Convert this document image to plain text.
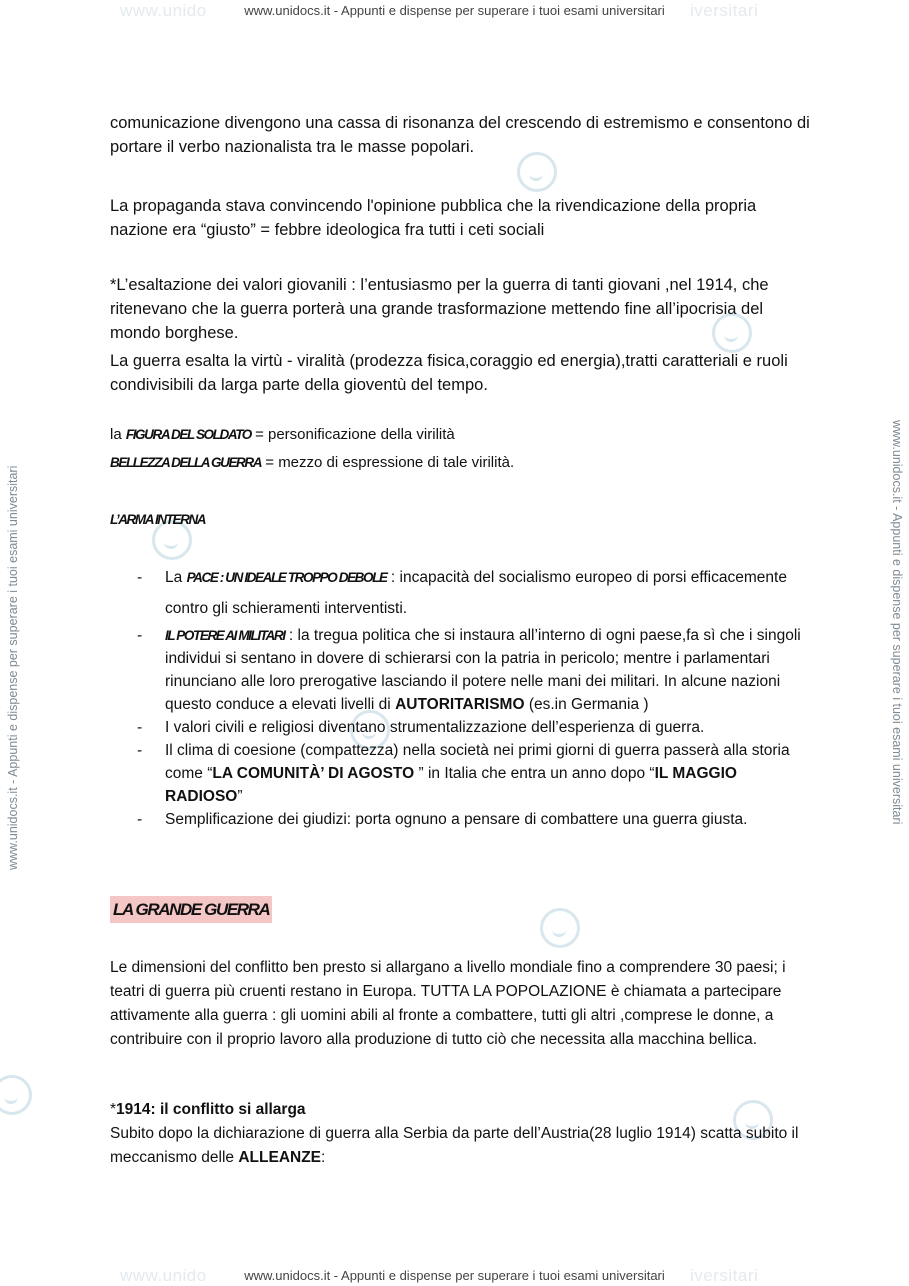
www.unido	iversitari
www.unidocs.it - Appunti e dispense per superare i tuoi esami universitari
www.unido	iversitari
www.unidocs.it - Appunti e dispense per superare i tuoi esami universitari
www.unidocs.it - Appunti e dispense per superare i tuoi esami universitari	www.unidocs.it - Appunti e dispense per superare i tuoi esami universitari

comunicazione divengono una cassa di risonanza del crescendo di estremismo e consentono di portare il verbo nazionalista tra le masse popolari.

La propaganda stava convincendo l'opinione pubblica che la rivendicazione della propria nazione era “giusto” = febbre ideologica fra tutti i ceti sociali

*L’esaltazione dei valori giovanili : l’entusiasmo per la guerra di tanti giovani ,nel 1914, che ritenevano che la guerra porterà una grande trasformazione mettendo fine all’ipocrisia del mondo borghese.

La guerra esalta la virtù - viralità (prodezza fisica,coraggio ed energia),tratti caratteriali e ruoli condivisibili da larga parte della gioventù del tempo.

la FIGURA DEL SOLDATO = personificazione della virilità

BELLEZZA DELLA GUERRA = mezzo di espressione di tale virilità.

L’ARMA INTERNA
- La PACE : UN IDEALE TROPPO DEBOLE : incapacità del socialismo europeo di porsi efficacemente contro gli schieramenti interventisti.
- IL POTERE AI MILITARI : la tregua politica che si instaura all’interno di ogni paese,fa sì che i singoli individui si sentano in dovere di schierarsi con la patria in pericolo; mentre i parlamentari rinunciano alle loro prerogative lasciando il potere nelle mani dei militari. In alcune nazioni questo conduce a elevati livelli di AUTORITARISMO (es.in Germania )
- I valori civili e religiosi diventano strumentalizzazione dell’esperienza di guerra.
- Il clima di coesione (compattezza) nella società nei primi giorni di guerra passerà alla storia come “LA COMUNITÀ’ DI AGOSTO ” in Italia che entra un anno dopo “IL MAGGIO RADIOSO”
- Semplificazione dei giudizi: porta ognuno a pensare di combattere una guerra giusta.
LA GRANDE GUERRA

Le dimensioni del conflitto ben presto si allargano a livello mondiale fino a comprendere 30 paesi; i teatri di guerra più cruenti restano in Europa. TUTTA LA POPOLAZIONE è chiamata a partecipare attivamente alla guerra : gli uomini abili al fronte a combattere, tutti gli altri ,comprese le donne, a contribuire con il proprio lavoro alla produzione di tutto ciò che necessita alla macchina bellica.

*1914: il conflitto si allarga

Subito dopo la dichiarazione di guerra alla Serbia da parte dell’Austria(28 luglio 1914) scatta subito il meccanismo delle ALLEANZE:
